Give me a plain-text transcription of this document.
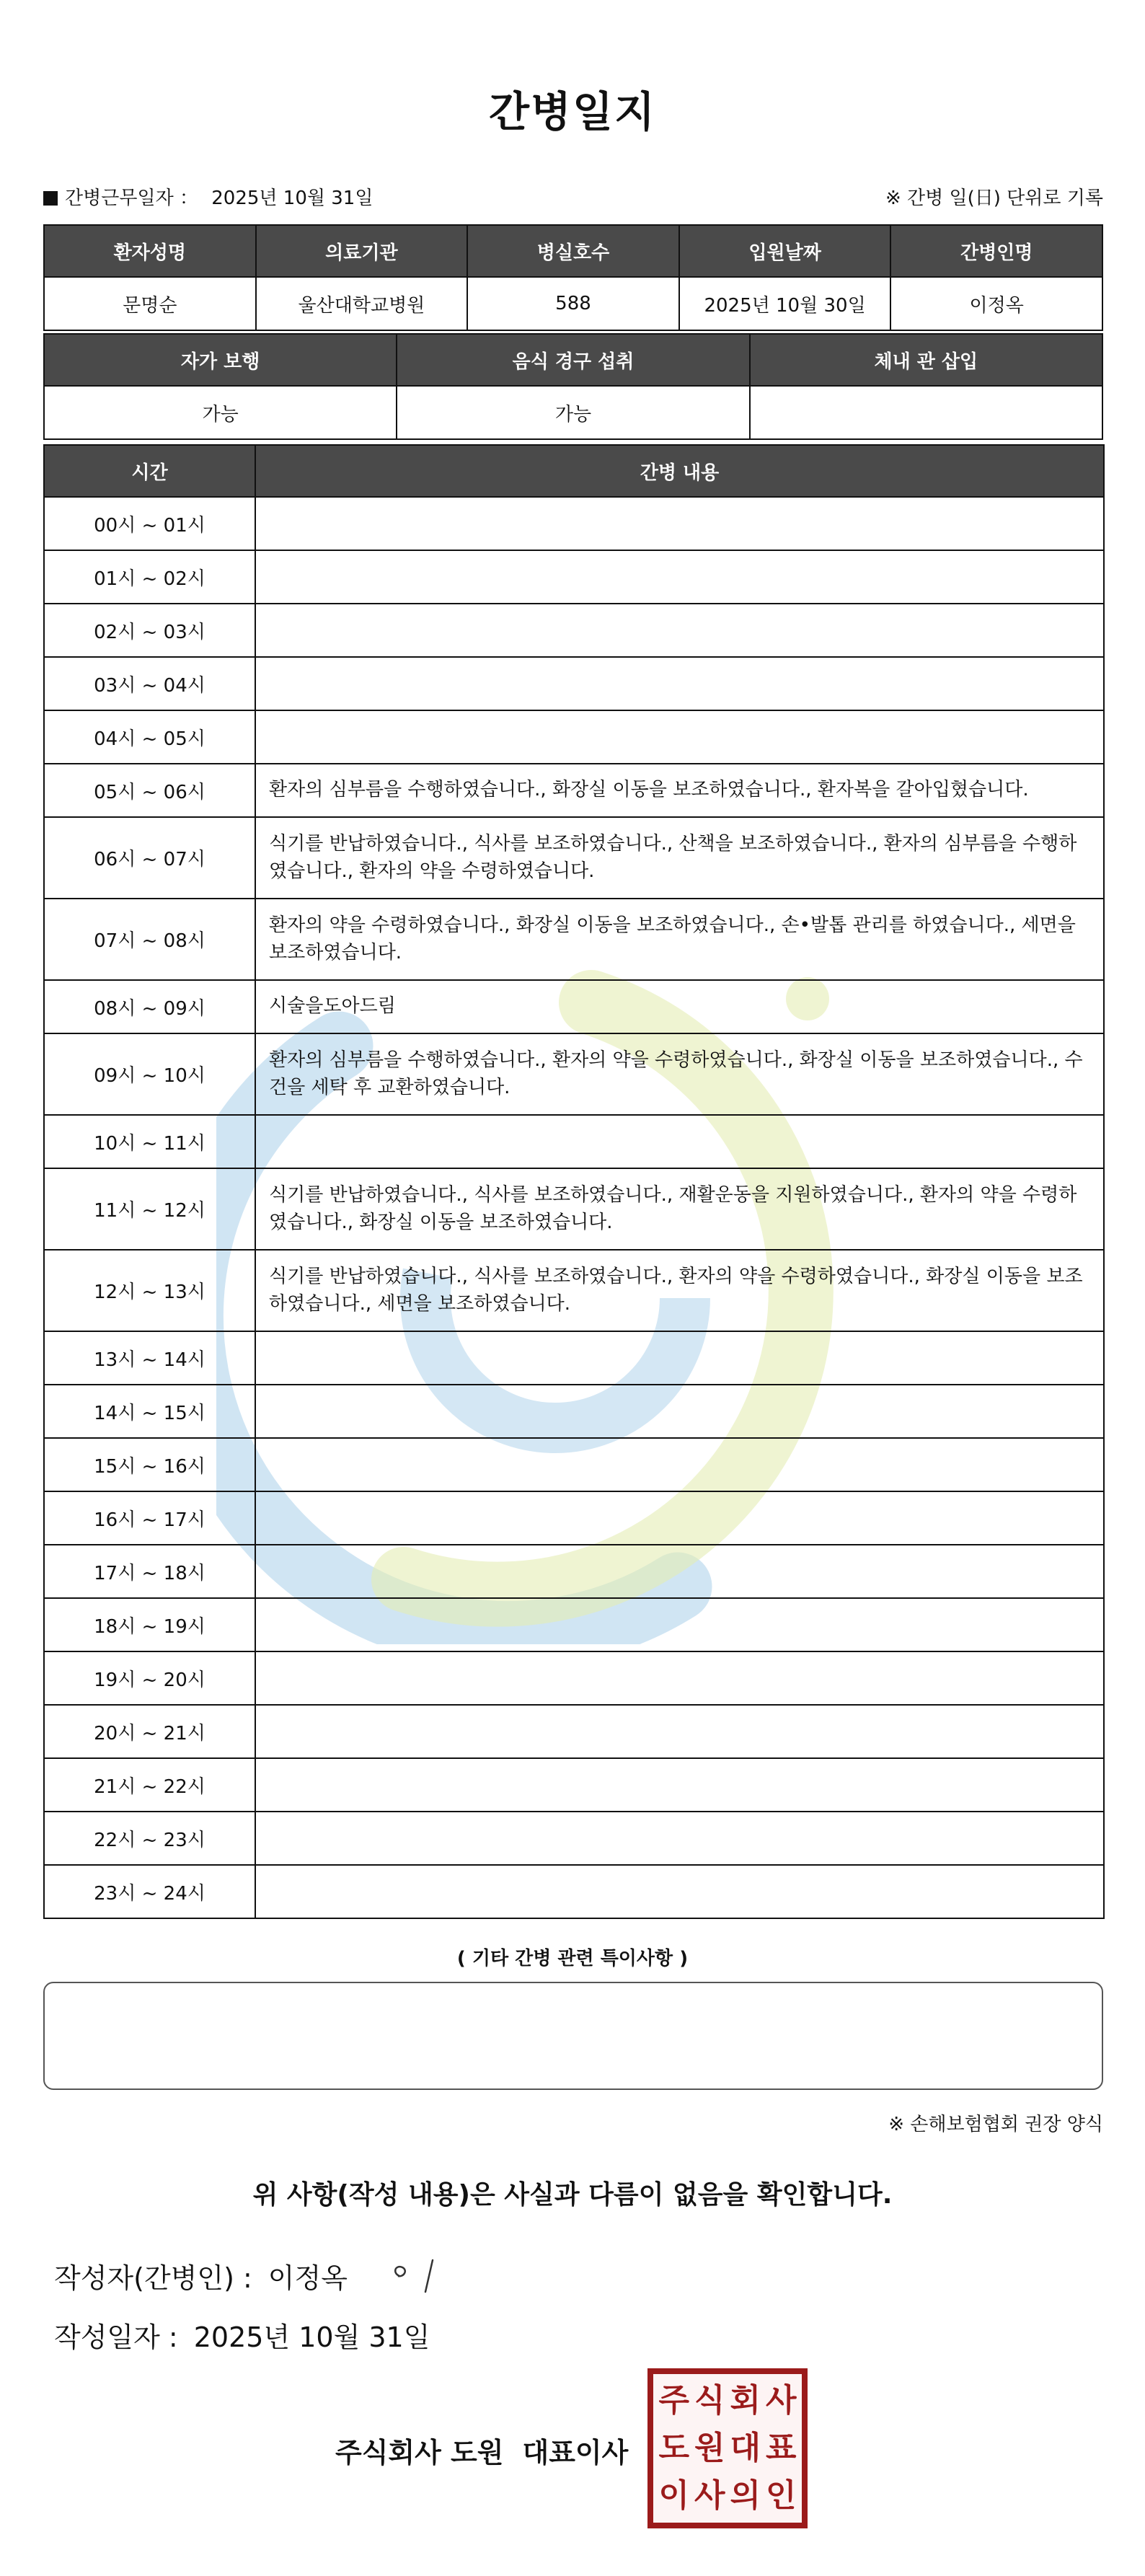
간병일지
간병근무일자 ： 2025년 10월 31일	※ 간병 일(日) 단위로 기록
환자성명	의료기관	병실호수	입원날짜	간병인명
문명순	울산대학교병원	588	2025년 10월 30일	이정옥
자가 보행	음식 경구 섭취	체내 관 삽입
가능	가능	
시간	간병 내용
00시 ~ 01시	
01시 ~ 02시	
02시 ~ 03시	
03시 ~ 04시	
04시 ~ 05시	
05시 ~ 06시	환자의 심부름을 수행하였습니다., 화장실 이동을 보조하였습니다., 환자복을 갈아입혔습니다.
06시 ~ 07시	식기를 반납하였습니다., 식사를 보조하였습니다., 산책을 보조하였습니다., 환자의 심부름을 수행하였습니다., 환자의 약을 수령하였습니다.
07시 ~ 08시	환자의 약을 수령하였습니다., 화장실 이동을 보조하였습니다., 손•발톱 관리를 하였습니다., 세면을 보조하였습니다.
08시 ~ 09시	시술을도아드림
09시 ~ 10시	환자의 심부름을 수행하였습니다., 환자의 약을 수령하였습니다., 화장실 이동을 보조하였습니다., 수건을 세탁 후 교환하였습니다.
10시 ~ 11시	
11시 ~ 12시	식기를 반납하였습니다., 식사를 보조하였습니다., 재활운동을 지원하였습니다., 환자의 약을 수령하였습니다., 화장실 이동을 보조하였습니다.
12시 ~ 13시	식기를 반납하였습니다., 식사를 보조하였습니다., 환자의 약을 수령하였습니다., 화장실 이동을 보조하였습니다., 세면을 보조하였습니다.
13시 ~ 14시	
14시 ~ 15시	
15시 ~ 16시	
16시 ~ 17시	
17시 ~ 18시	
18시 ~ 19시	
19시 ~ 20시	
20시 ~ 21시	
21시 ~ 22시	
22시 ~ 23시	
23시 ~ 24시	
( 기타 간병 관련 특이사항 )
※ 손해보험협회 권장 양식
위 사항(작성 내용)은 사실과 다름이 없음을 확인합니다.
작성자(간병인) : 이정옥
작성일자 : 2025년 10월 31일
주식회사 도원 대표이사
주 식 회 사
도 원 대 표
이 사 의 인
